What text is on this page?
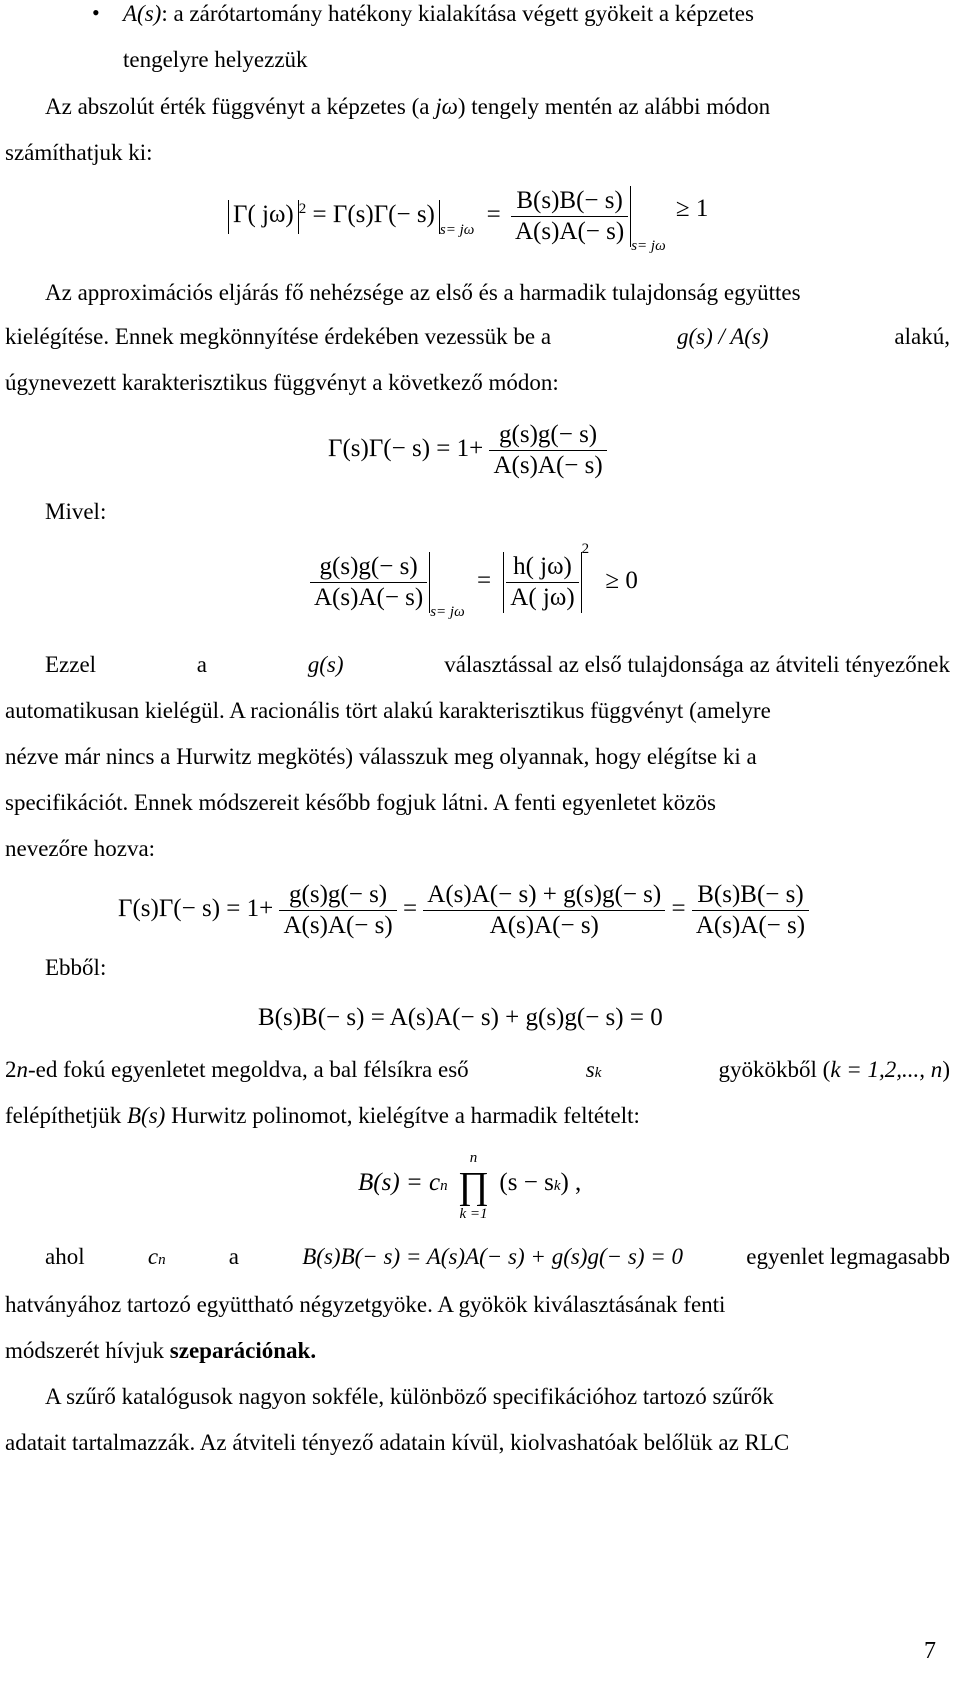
• A(s): a zárótartomány hatékony kialakítása végett gyökeit a képzetes
tengelyre helyezzük
Az abszolút érték függvényt a képzetes (a jω) tengely mentén az alábbi módon
számíthatjuk ki:
Γ( jω) $^2 = \Gamma(s)\Gamma(- s)_{s= j\omega} = \frac{B(s)B(- s)}{A(s)A(- s)} _{s= j\omega} \ge 1$
Az approximációs eljárás fő nehézsége az első és a harmadik tulajdonság együttes
kielégítése. Ennek megkönnyítése érdekében vezessük be a	g(s) / A(s)	alakú,
úgynevezett karakterisztikus függvényt a következő módon:
$\Gamma(s)\Gamma(- s) = 1+ \frac{g(s)g(- s)}{A(s)A(- s)}$
Mivel:
$\frac{g(s)g(- s)}{A(s)A(- s)} _{s= j\omega} = \frac{h( j\omega)}{A( j\omega)}$
$^2$ ≥ 0
Ezzel	a	g(s)	választással az első tulajdonsága az átviteli tényezőnek
automatikusan kielégül. A racionális tört alakú karakterisztikus függvényt (amelyre
nézve már nincs a Hurwitz megkötés) válasszuk meg olyannak, hogy elégítse ki a
specifikációt. Ennek módszereit később fogjuk látni. A fenti egyenletet közös
nevezőre hozva:
$\Gamma(s)\Gamma(- s) = 1+ \frac{g(s)g(- s)}{A(s)A(- s)} = \frac{A(s)A(- s) + g(s)g(- s)}{A(s)A(- s)} = \frac{B(s)B(- s)}{A(s)A(- s)}$
Ebből:
B(s)B(− s) = A(s)A(− s) + g(s)g(− s) = 0
2n-ed fokú egyenletet megoldva, a bal félsíkra eső	sk	gyökökből (k = 1,2,..., n)
felépíthetjük B(s) Hurwitz polinomot, kielégítve a harmadik feltételt:
B(s) = cn
n
∏
k =1
(s − sk) ,
ahol	cn	a	B(s)B(− s) = A(s)A(− s) + g(s)g(− s) = 0	egyenlet legmagasabb
hatványához tartozó együttható négyzetgyöke. A gyökök kiválasztásának fenti
módszerét hívjuk szeparációnak.
A szűrő katalógusok nagyon sokféle, különböző specifikációhoz tartozó szűrők
adatait tartalmazzák. Az átviteli tényező adatain kívül, kiolvashatóak belőlük az RLC
7
